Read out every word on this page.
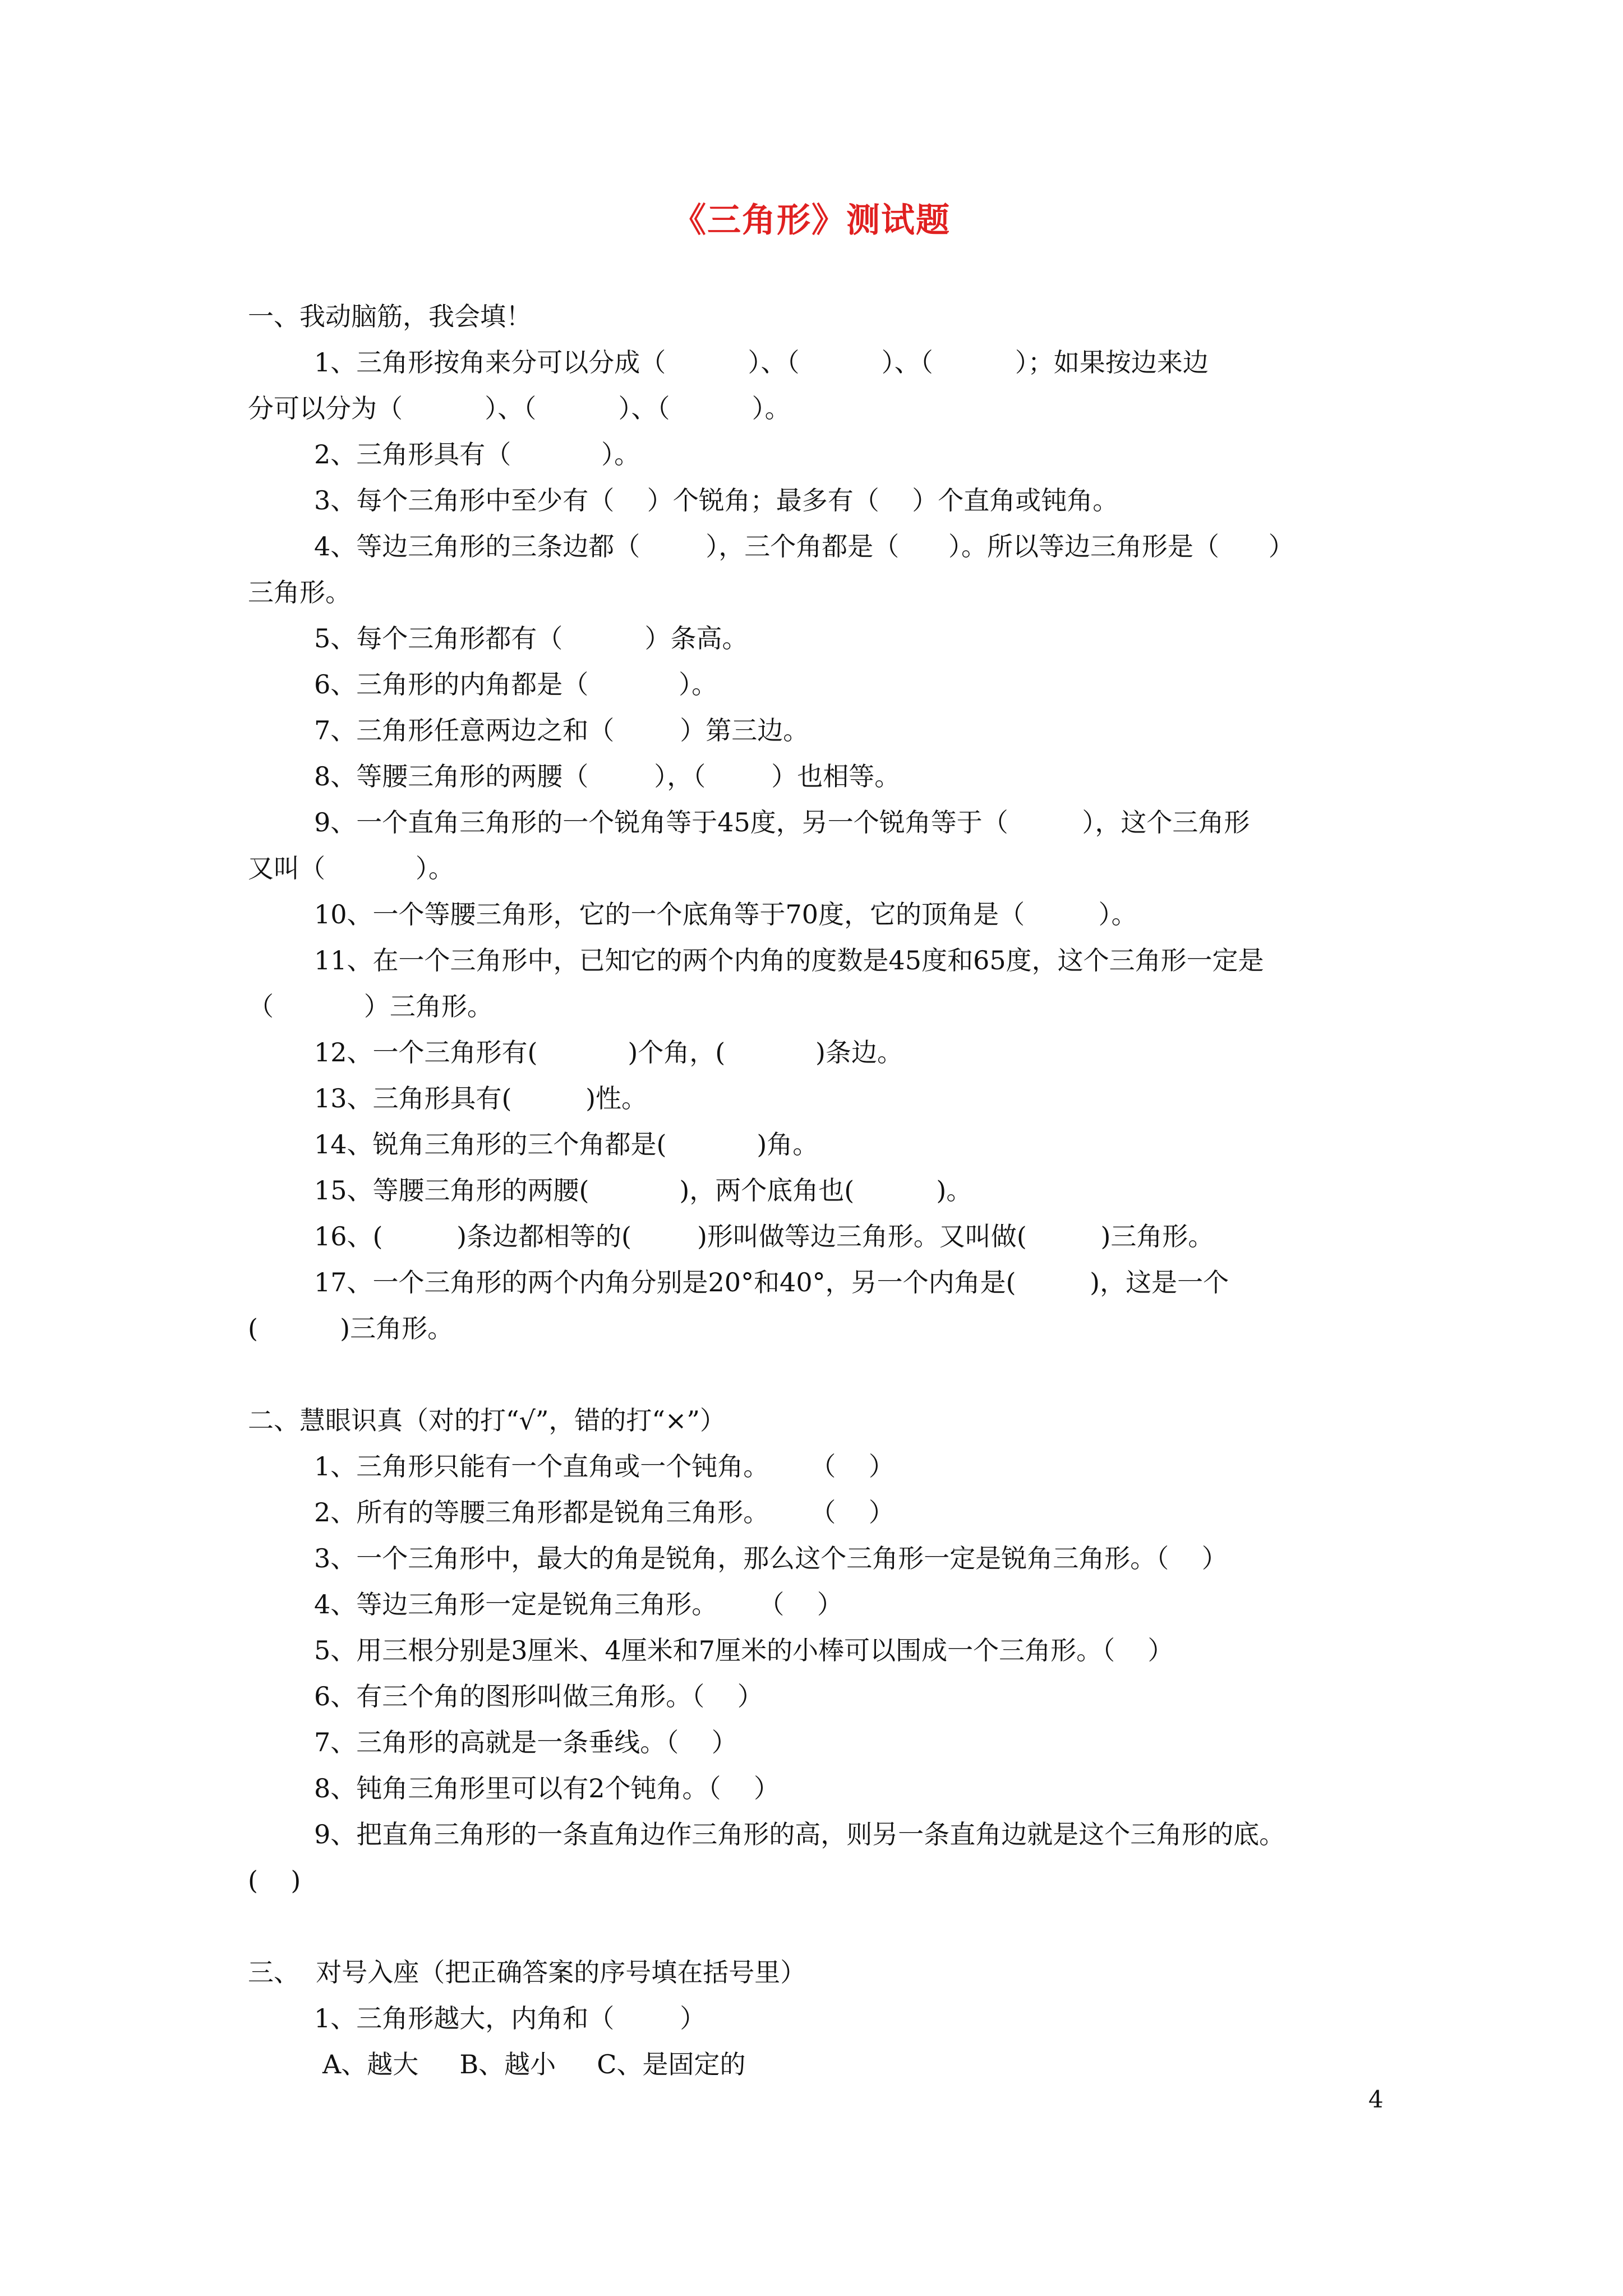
《三角形》测试题
一、我动脑筋，我会填！
1、三角形按角来分可以分成（          ）、（          ）、（          ）；如果按边来边
分可以分为（          ）、（          ）、（          ）。
2、三角形具有（           ）。
3、每个三角形中至少有（    ）个锐角；最多有（    ）个直角或钝角。
4、等边三角形的三条边都（        ），三个角都是（      ）。所以等边三角形是（      ）
三角形。
5、每个三角形都有（          ）条高。
6、三角形的内角都是（           ）。
7、三角形任意两边之和（        ）第三边。
8、等腰三角形的两腰（        ），（        ）也相等。
9、一个直角三角形的一个锐角等于45度，另一个锐角等于（         ），这个三角形
又叫（           ）。
10、一个等腰三角形，它的一个底角等于70度，它的顶角是（         ）。
11、在一个三角形中，已知它的两个内角的度数是45度和65度，这个三角形一定是
（           ）三角形。
12、一个三角形有(           )个角，(           )条边。
13、三角形具有(         )性。
14、锐角三角形的三个角都是(           )角。
15、等腰三角形的两腰(           )，两个底角也(          )。
16、(         )条边都相等的(        )形叫做等边三角形。又叫做(         )三角形。
17、一个三角形的两个内角分别是20°和40°，另一个内角是(         )，这是一个
(          )三角形。
二、慧眼识真（对的打“√”，错的打“×”）
1、三角形只能有一个直角或一个钝角。     （    ）
2、所有的等腰三角形都是锐角三角形。     （    ）
3、一个三角形中，最大的角是锐角，那么这个三角形一定是锐角三角形。（    ）
4、等边三角形一定是锐角三角形。     （    ）
5、用三根分别是3厘米、4厘米和7厘米的小棒可以围成一个三角形。（    ）
6、有三个角的图形叫做三角形。（    ）
7、三角形的高就是一条垂线。（    ）
8、钝角三角形里可以有2个钝角。（    ）
9、把直角三角形的一条直角边作三角形的高，则另一条直角边就是这个三角形的底。
(    )
三、  对号入座（把正确答案的序号填在括号里）
1、三角形越大，内角和（        ）
A、越大     B、越小     C、是固定的
4
